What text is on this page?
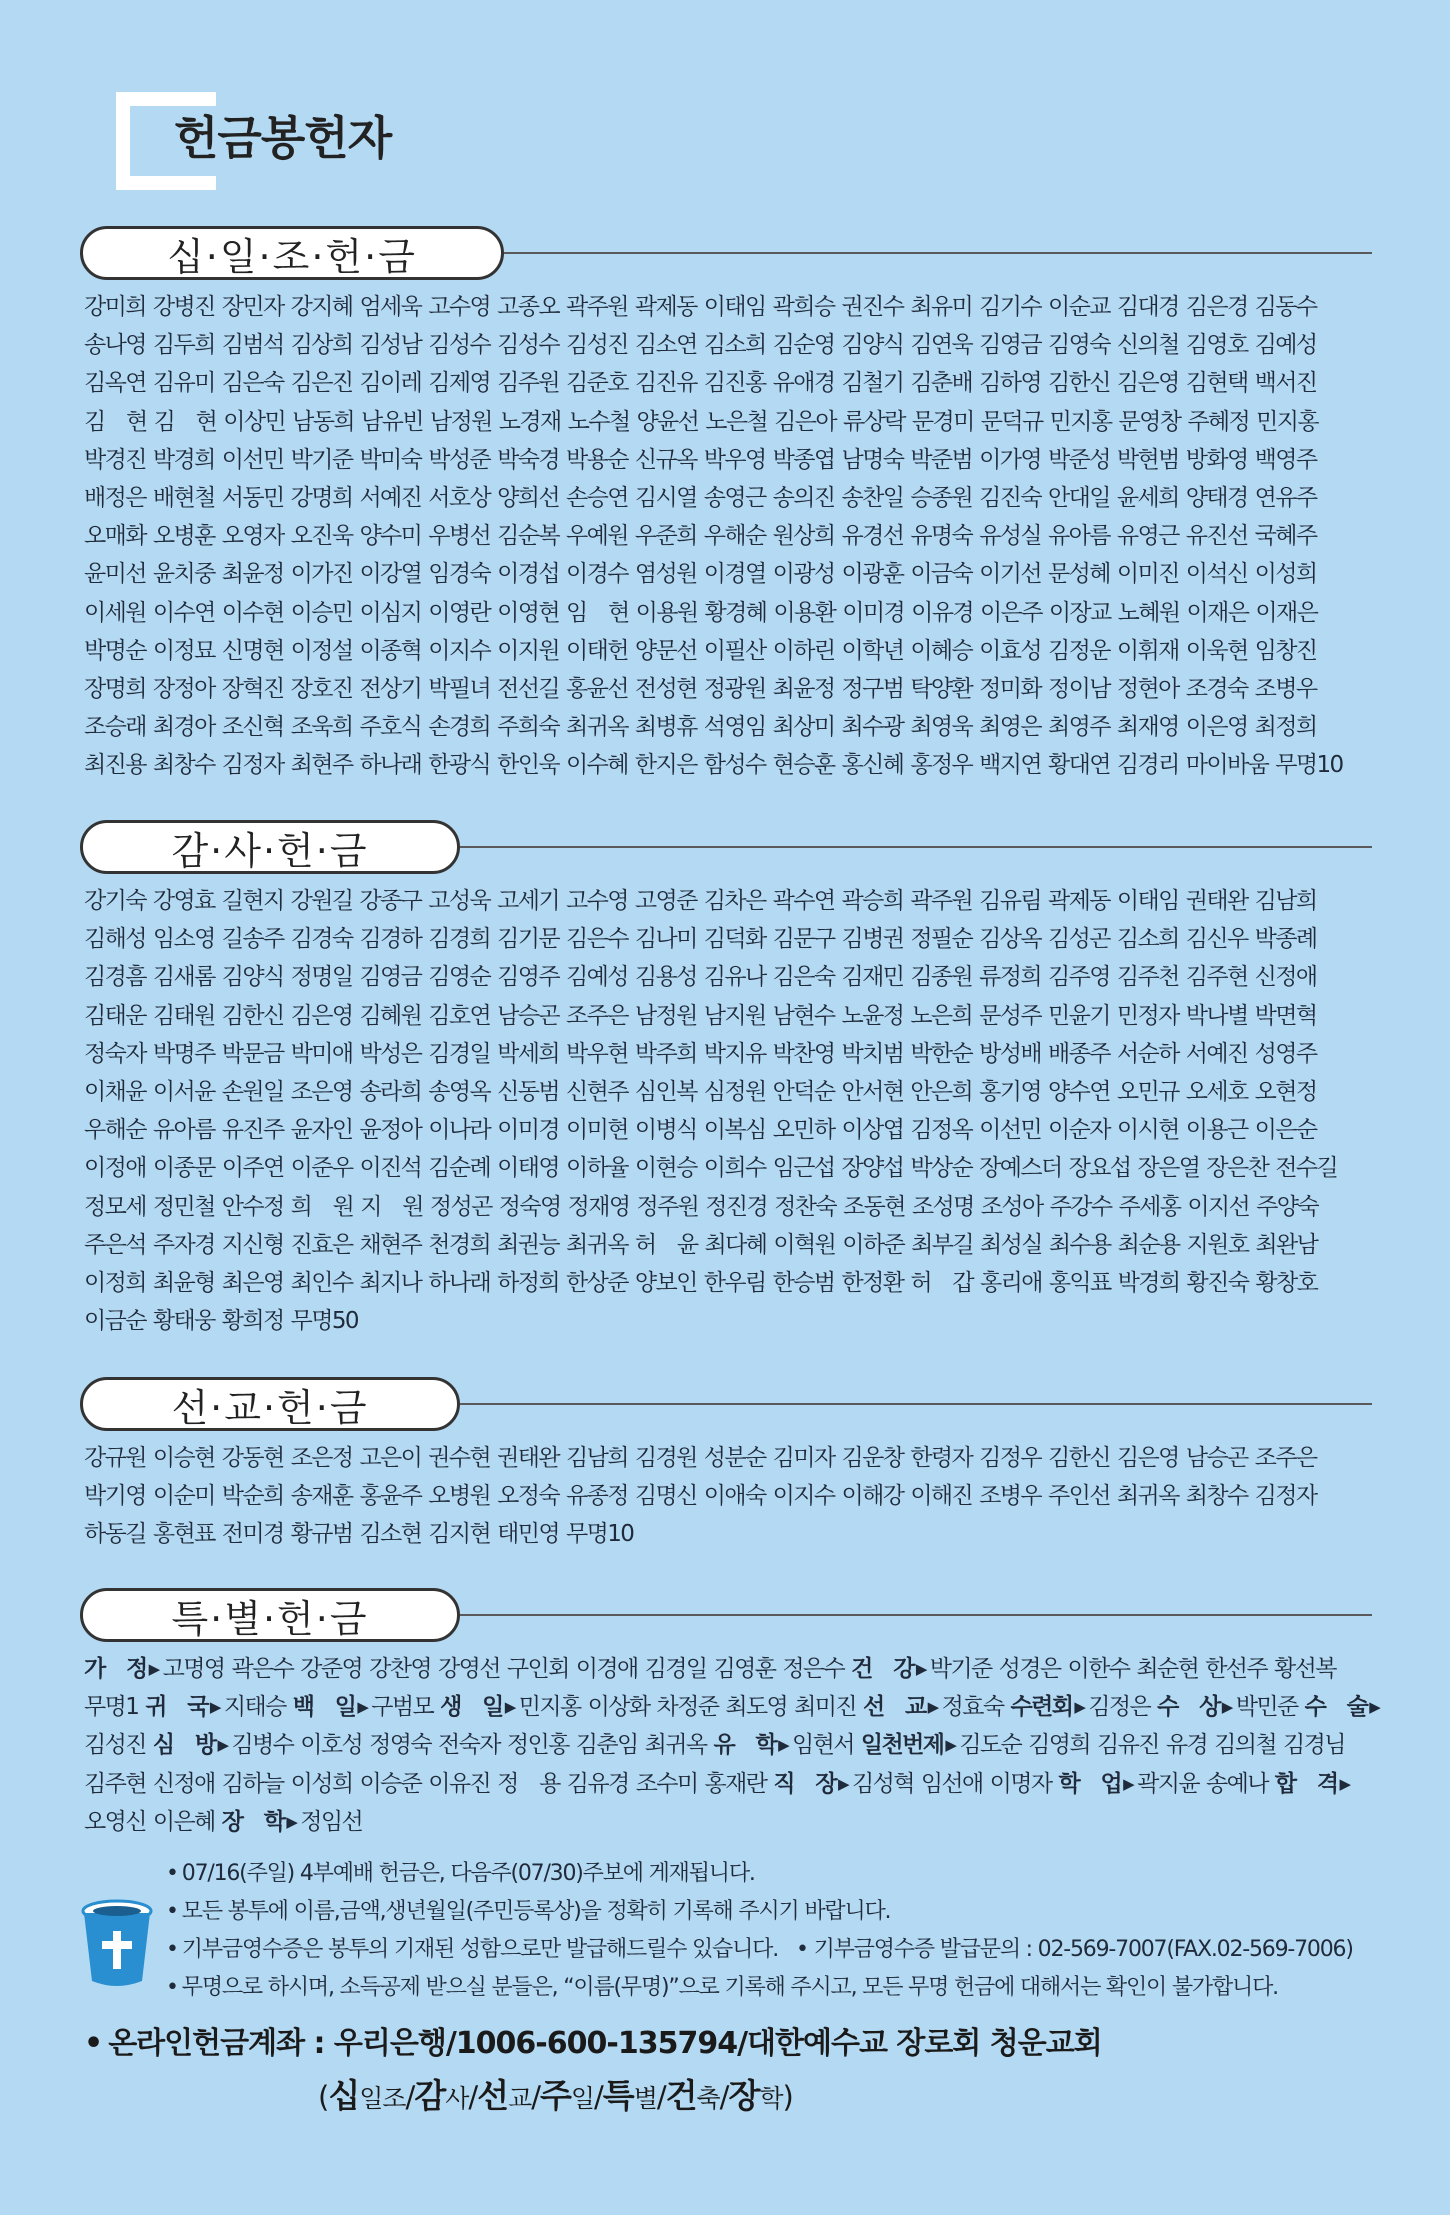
헌금봉헌자
십·일·조·헌·금
강미희 강병진 장민자 강지혜 엄세욱 고수영 고종오 곽주원 곽제동 이태임 곽희승 권진수 최유미 김기수 이순교 김대경 김은경 김동수송나영 김두희 김범석 김상희 김성남 김성수 김성수 김성진 김소연 김소희 김순영 김양식 김연욱 김영금 김영숙 신의철 김영호 김예성김옥연 김유미 김은숙 김은진 김이레 김제영 김주원 김준호 김진유 김진홍 유애경 김철기 김춘배 김하영 김한신 김은영 김현택 백서진김　현 김　현 이상민 남동희 남유빈 남정원 노경재 노수철 양윤선 노은철 김은아 류상락 문경미 문덕규 민지홍 문영창 주혜정 민지홍박경진 박경희 이선민 박기준 박미숙 박성준 박숙경 박용순 신규옥 박우영 박종엽 남명숙 박준범 이가영 박준성 박현범 방화영 백영주배정은 배현철 서동민 강명희 서예진 서호상 양희선 손승연 김시열 송영근 송의진 송찬일 승종원 김진숙 안대일 윤세희 양태경 연유주오매화 오병훈 오영자 오진욱 양수미 우병선 김순복 우예원 우준희 우해순 원상희 유경선 유명숙 유성실 유아름 유영근 유진선 국혜주윤미선 윤치중 최윤정 이가진 이강열 임경숙 이경섭 이경수 염성원 이경열 이광성 이광훈 이금숙 이기선 문성혜 이미진 이석신 이성희이세원 이수연 이수현 이승민 이심지 이영란 이영현 임　현 이용원 황경혜 이용환 이미경 이유경 이은주 이장교 노혜원 이재은 이재은박명순 이정묘 신명현 이정설 이종혁 이지수 이지원 이태헌 양문선 이필산 이하린 이학년 이혜승 이효성 김정운 이휘재 이욱현 임창진장명희 장정아 장혁진 장호진 전상기 박필녀 전선길 홍윤선 전성현 정광원 최윤정 정구범 탁양환 정미화 정이남 정현아 조경숙 조병우조승래 최경아 조신혁 조욱희 주호식 손경희 주희숙 최귀옥 최병휴 석영임 최상미 최수광 최영욱 최영은 최영주 최재영 이은영 최정희최진용 최창수 김정자 최현주 하나래 한광식 한인욱 이수혜 한지은 함성수 현승훈 홍신혜 홍정우 백지연 황대연 김경리 마이바움 무명10
감·사·헌·금
강기숙 강영효 길현지 강원길 강종구 고성욱 고세기 고수영 고영준 김차은 곽수연 곽승희 곽주원 김유림 곽제동 이태임 권태완 김남희김해성 임소영 길송주 김경숙 김경하 김경희 김기문 김은수 김나미 김덕화 김문구 김병권 정필순 김상옥 김성곤 김소희 김신우 박종례김경흠 김새롬 김양식 정명일 김영금 김영순 김영주 김예성 김용성 김유나 김은숙 김재민 김종원 류정희 김주영 김주천 김주현 신정애김태운 김태원 김한신 김은영 김혜원 김호연 남승곤 조주은 남정원 남지원 남현수 노윤정 노은희 문성주 민윤기 민정자 박나별 박면혁정숙자 박명주 박문금 박미애 박성은 김경일 박세희 박우현 박주희 박지유 박찬영 박치범 박한순 방성배 배종주 서순하 서예진 성영주이채윤 이서윤 손원일 조은영 송라희 송영옥 신동범 신현주 심인복 심정원 안덕순 안서현 안은희 홍기영 양수연 오민규 오세호 오현정우해순 유아름 유진주 윤자인 윤정아 이나라 이미경 이미현 이병식 이복심 오민하 이상엽 김정옥 이선민 이순자 이시현 이용근 이은순이정애 이종문 이주연 이준우 이진석 김순례 이태영 이하율 이현승 이희수 임근섭 장양섭 박상순 장예스더 장요섭 장은열 장은찬 전수길정모세 정민철 안수정 희　원 지　원 정성곤 정숙영 정재영 정주원 정진경 정찬숙 조동현 조성명 조성아 주강수 주세홍 이지선 주양숙주은석 주자경 지신형 진효은 채현주 천경희 최권능 최귀옥 허　윤 최다혜 이혁원 이하준 최부길 최성실 최수용 최순용 지원호 최완남이정희 최윤형 최은영 최인수 최지나 하나래 하정희 한상준 양보인 한우림 한승범 한정환 허　갑 홍리애 홍익표 박경희 황진숙 황창호이금순 황태웅 황희정 무명50
선·교·헌·금
강규원 이승현 강동현 조은정 고은이 권수현 권태완 김남희 김경원 성분순 김미자 김운창 한령자 김정우 김한신 김은영 남승곤 조주은박기영 이순미 박순희 송재훈 홍윤주 오병원 오정숙 유종정 김명신 이애숙 이지수 이해강 이해진 조병우 주인선 최귀옥 최창수 김정자하동길 홍현표 전미경 황규범 김소현 김지현 태민영 무명10
특·별·헌·금
가　정 ▶ 고명영 곽은수 강준영 강찬영 강영선 구인회 이경애 김경일 김영훈 정은수 건　강 ▶ 박기준 성경은 이한수 최순현 한선주 황선복무명1 귀　국 ▶ 지태승 백　일 ▶ 구범모 생　일 ▶ 민지홍 이상화 차정준 최도영 최미진 선　교 ▶ 정효숙 수련회 ▶ 김정은 수　상 ▶ 박민준 수　술 ▶김성진 심　방 ▶ 김병수 이호성 정영숙 전숙자 정인홍 김춘임 최귀옥 유　학 ▶ 임현서 일천번제 ▶ 김도순 김영희 김유진 유경 김의철 김경님김주현 신정애 김하늘 이성희 이승준 이유진 정　용 김유경 조수미 홍재란 직　장 ▶ 김성혁 임선애 이명자 학　업 ▶ 곽지윤 송예나 합　격 ▶오영신 이은혜 장　학 ▶ 정임선
• 07/16(주일) 4부예배 헌금은, 다음주(07/30)주보에 게재됩니다.
• 모든 봉투에 이름,금액,생년월일(주민등록상)을 정확히 기록해 주시기 바랍니다.
• 기부금영수증은 봉투의 기재된 성함으로만 발급해드릴수 있습니다. • 기부금영수증 발급문의 : 02-569-7007(FAX.02-569-7006)
• 무명으로 하시며, 소득공제 받으실 분들은, “이름(무명)”으로 기록해 주시고, 모든 무명 헌금에 대해서는 확인이 불가합니다.
• 온라인헌금계좌 : 우리은행/1006-600-135794/대한예수교 장로회 청운교회
(십일조/감사/선교/주일/특별/건축/장학)
